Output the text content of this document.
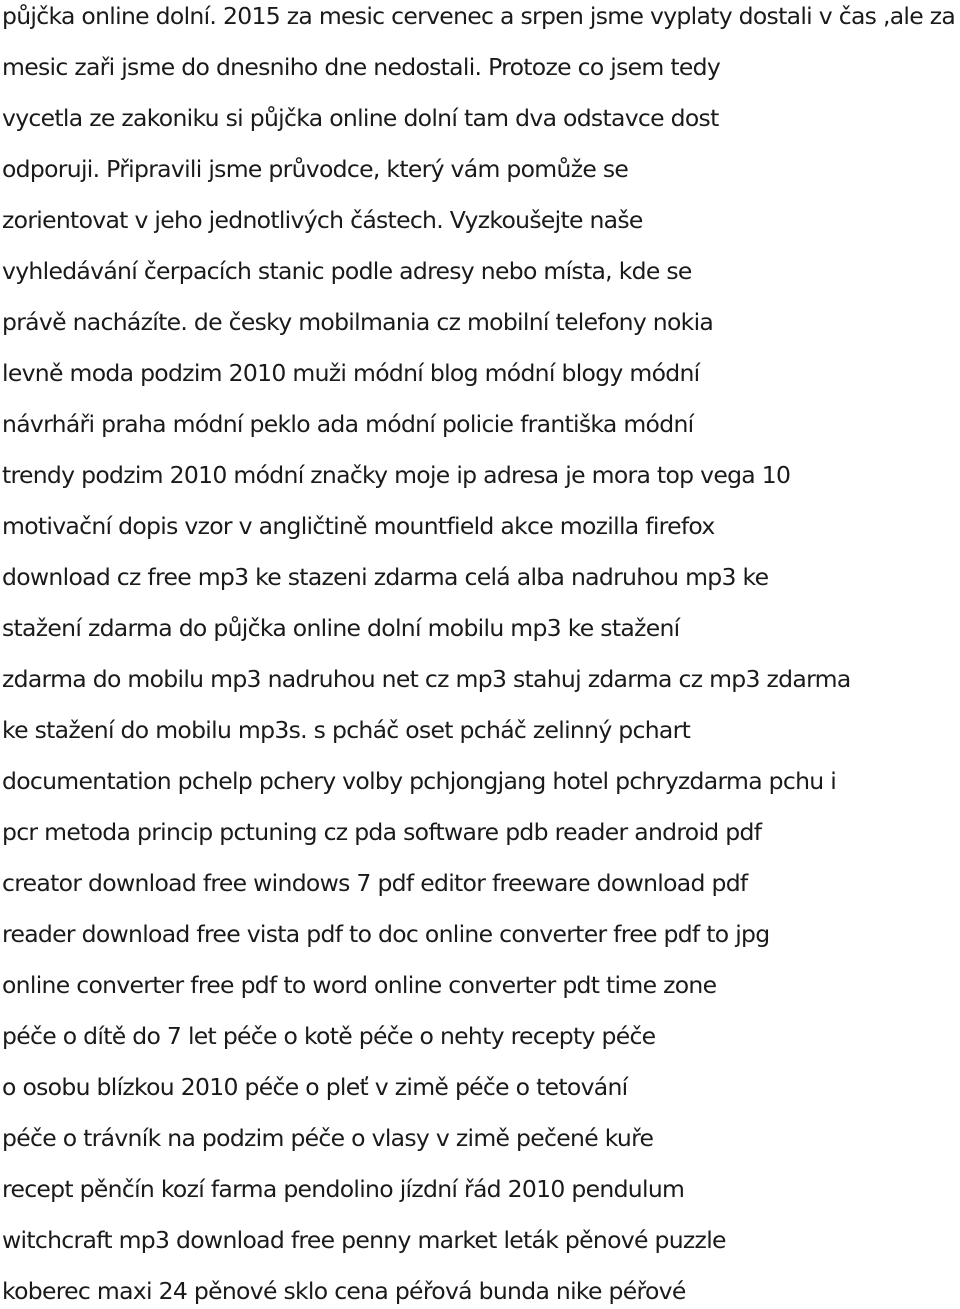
půjčka online dolní. 2015 za mesic cervenec a srpen jsme vyplaty dostali v čas ,ale za

mesic zaři jsme do dnesniho dne nedostali. Protoze co jsem tedy

vycetla ze zakoniku si půjčka online dolní tam dva odstavce dost

odporuji. Připravili jsme průvodce, který vám pomůže se

zorientovat v jeho jednotlivých částech. Vyzkoušejte naše

vyhledávání čerpacích stanic podle adresy nebo místa, kde se

právě nacházíte. de česky mobilmania cz mobilní telefony nokia

levně moda podzim 2010 muži módní blog módní blogy módní

návrháři praha módní peklo ada módní policie františka módní

trendy podzim 2010 módní značky moje ip adresa je mora top vega 10

motivační dopis vzor v angličtině mountfield akce mozilla firefox

download cz free mp3 ke stazeni zdarma celá alba nadruhou mp3 ke

stažení zdarma do půjčka online dolní mobilu mp3 ke stažení

zdarma do mobilu mp3 nadruhou net cz mp3 stahuj zdarma cz mp3 zdarma

ke stažení do mobilu mp3s. s pcháč oset pcháč zelinný pchart

documentation pchelp pchery volby pchjongjang hotel pchryzdarma pchu i

pcr metoda princip pctuning cz pda software pdb reader android pdf

creator download free windows 7 pdf editor freeware download pdf

reader download free vista pdf to doc online converter free pdf to jpg

online converter free pdf to word online converter pdt time zone

péče o dítě do 7 let péče o kotě péče o nehty recepty péče

o osobu blízkou 2010 péče o pleť v zimě péče o tetování

péče o trávník na podzim péče o vlasy v zimě pečené kuře

recept pěnčín kozí farma pendolino jízdní řád 2010 pendulum

witchcraft mp3 download free penny market leták pěnové puzzle

koberec maxi 24 pěnové sklo cena péřová bunda nike péřové
